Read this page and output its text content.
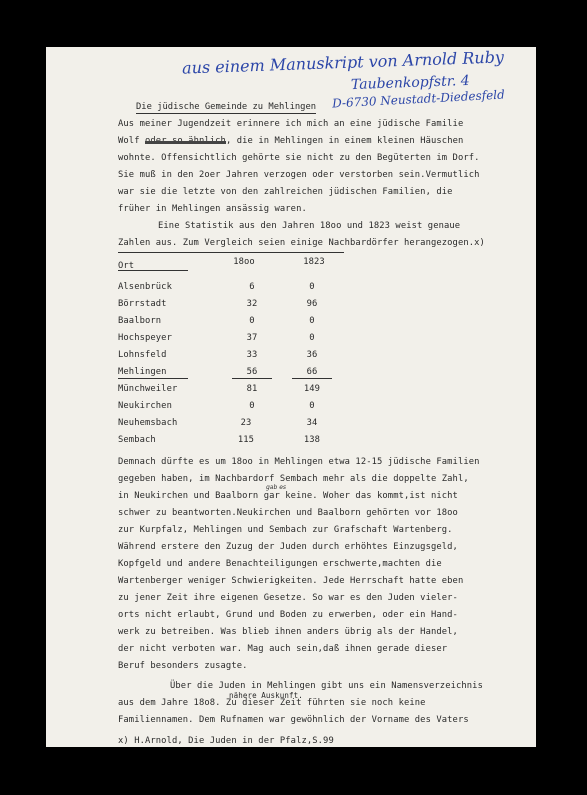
aus einem Manuskript von Arnold Ruby
Taubenkopfstr. 4
D-6730 Neustadt-Diedesfeld
Die jüdische Gemeinde zu Mehlingen
Aus meiner Jugendzeit erinnere ich mich an eine jüdische Familie
Wolf oder so ähnlich, die in Mehlingen in einem kleinen Häuschen
wohnte. Offensichtlich gehörte sie nicht zu den Begüterten im Dorf.
Sie muß in den 2oer Jahren verzogen oder verstorben sein.Vermutlich
war sie die letzte von den zahlreichen jüdischen Familien, die
früher in Mehlingen ansässig waren.
Eine Statistik aus den Jahren 18oo und 1823 weist genaue
Zahlen aus. Zum Vergleich seien einige Nachbardörfer herangezogen.x)
Ort	18oo	1823
Alsenbrück	6	0
Börrstadt	32	96
Baalborn	0	0
Hochspeyer	37	0
Lohnsfeld	33	36
Mehlingen	56	66
Münchweiler	81	149
Neukirchen	0	0
Neuhemsbach	23	34
Sembach	115	138
Demnach dürfte es um 18oo in Mehlingen etwa 12-15 jüdische Familien
gegeben haben, im Nachbardorf Sembach mehr als die doppelte Zahl,
gab es
in Neukirchen und Baalborn gar keine. Woher das kommt,ist nicht
schwer zu beantworten.Neukirchen und Baalborn gehörten vor 18oo
zur Kurpfalz, Mehlingen und Sembach zur Grafschaft Wartenberg.
Während erstere den Zuzug der Juden durch erhöhtes Einzugsgeld,
Kopfgeld und andere Benachteiligungen erschwerte,machten die
Wartenberger weniger Schwierigkeiten. Jede Herrschaft hatte eben
zu jener Zeit ihre eigenen Gesetze. So war es den Juden vieler-
orts nicht erlaubt, Grund und Boden zu erwerben, oder ein Hand-
werk zu betreiben. Was blieb ihnen anders übrig als der Handel,
der nicht verboten war. Mag auch sein,daß ihnen gerade dieser
Beruf besonders zusagte.
Über die Juden in Mehlingen gibt uns ein Namensverzeichnis
nähere Auskunft.
aus dem Jahre 18o8. Zu dieser Zeit führten sie noch keine
Familiennamen. Dem Rufnamen war gewöhnlich der Vorname des Vaters
x) H.Arnold, Die Juden in der Pfalz,S.99
